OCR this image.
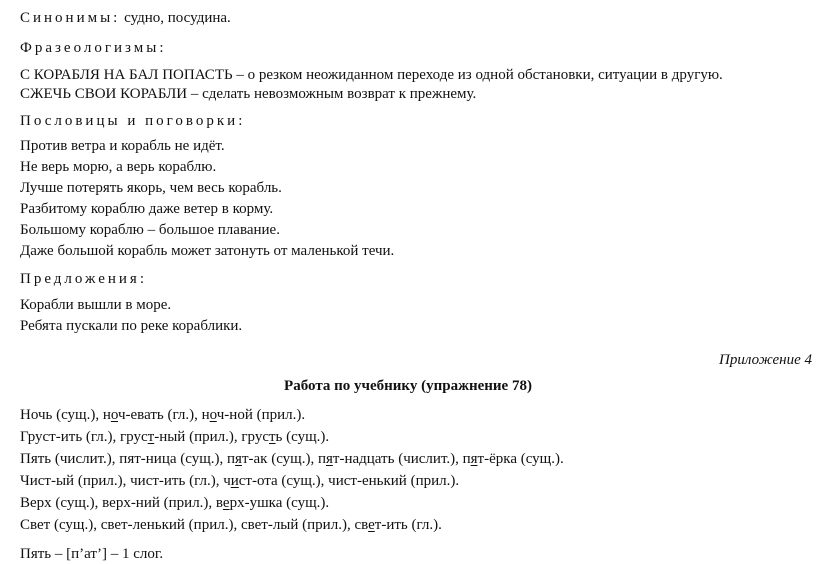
Синонимы: судно, посудина.
Фразеологизмы:
С КОРАБЛЯ НА БАЛ ПОПАСТЬ – о резком неожиданном переходе из одной обстановки, ситуации в другую.
СЖЕЧЬ СВОИ КОРАБЛИ – сделать невозможным возврат к прежнему.
Пословицы и поговорки:
Против ветра и корабль не идёт.
Не верь морю, а верь кораблю.
Лучше потерять якорь, чем весь корабль.
Разбитому кораблю даже ветер в корму.
Большому кораблю – большое плавание.
Даже большой корабль может затонуть от маленькой течи.
Предложения:
Корабли вышли в море.
Ребята пускали по реке кораблики.
Приложение 4
Работа по учебнику (упражнение 78)
Ночь (сущ.), ноч-евать (гл.), ноч-ной (прил.).
Груст-ить (гл.), груст-ный (прил.), грусть (сущ.).
Пять (числит.), пят-ница (сущ.), пят-ак (сущ.), пят-надцать (числит.), пят-ёрка (сущ.).
Чист-ый (прил.), чист-ить (гл.), чист-ота (сущ.), чист-енький (прил.).
Верх (сущ.), верх-ний (прил.), верх-ушка (сущ.).
Свет (сущ.), свет-ленький (прил.), свет-лый (прил.), свет-ить (гл.).
Пять – [п’ат’] – 1 слог.
